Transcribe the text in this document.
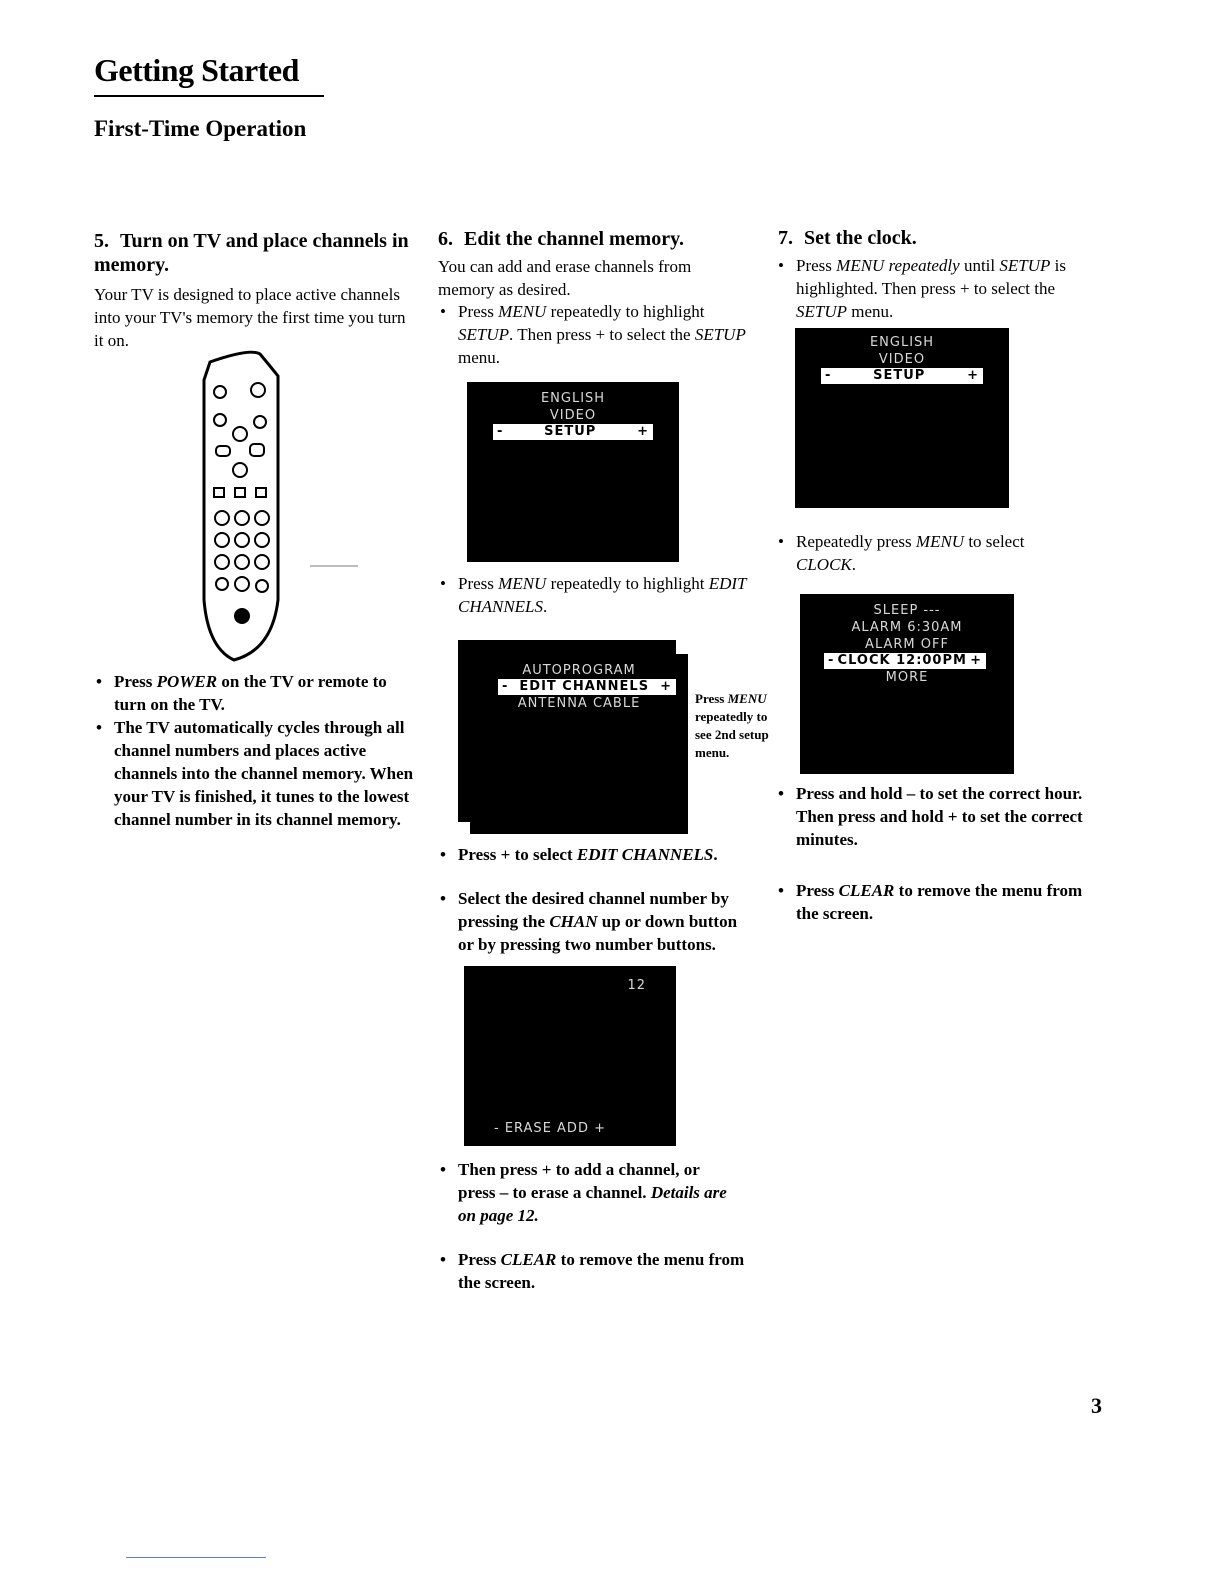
Getting Started
First-Time Operation
5. Turn on TV and place channels in memory.
Your TV is designed to place active channels into your TV's memory the first time you turn it on.
• Press POWER on the TV or remote to turn on the TV.
• The TV automatically cycles through all channel numbers and places active channels into the channel memory. When your TV is finished, it tunes to the lowest channel number in its channel memory.
6. Edit the channel memory.
You can add and erase channels from memory as desired.
• Press MENU repeatedly to highlight SETUP. Then press + to select the SETUP menu.
ENGLISH
VIDEO
-	SETUP	+
• Press MENU repeatedly to highlight EDIT CHANNELS.
AUTOPROGRAM
- EDIT CHANNELS +
ANTENNA CABLE	Press MENU repeatedly to see 2nd setup menu.
• Press + to select EDIT CHANNELS.
• Select the desired channel number by pressing the CHAN up or down button or by pressing two number buttons.
12
- ERASE ADD +
• Then press + to add a channel, or press – to erase a channel. Details are on page 12.
• Press CLEAR to remove the menu from the screen.
7. Set the clock.
• Press MENU repeatedly until SETUP is highlighted. Then press + to select the SETUP menu.
ENGLISH
VIDEO
-	SETUP	+
• Repeatedly press MENU to select CLOCK.
SLEEP ---
ALARM 6:30AM
ALARM OFF
- CLOCK 12:00PM +
MORE
• Press and hold – to set the correct hour. Then press and hold + to set the correct minutes.
• Press CLEAR to remove the menu from the screen.
3
